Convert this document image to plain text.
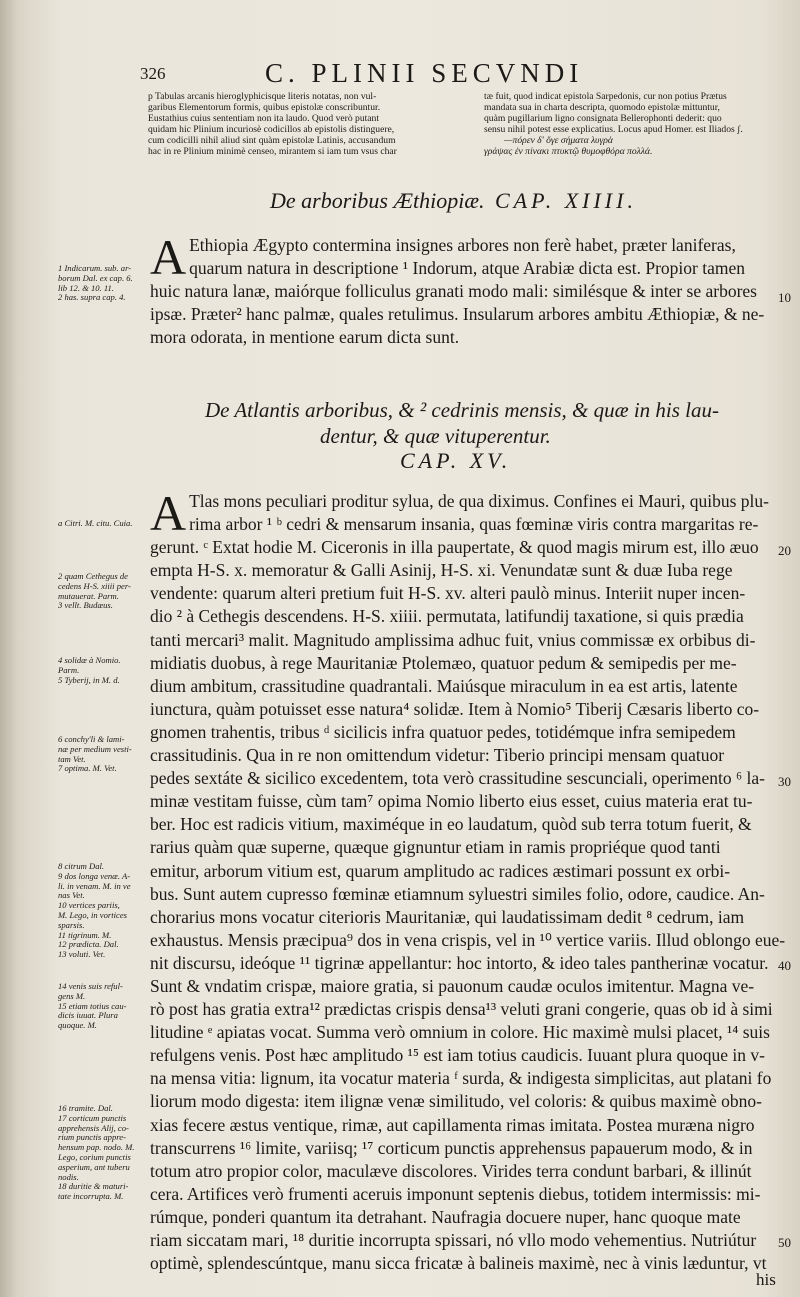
326	C. PLINII SECVNDI
p Tabulas arcanis hieroglyphicisque literis notatas, non vul-
garibus Elementorum formis, quibus epistolæ conscribuntur.
Eustathius cuius sententiam non ita laudo. Quod verò putant
quidam hic Plinium incuriosè codicillos ab epistolis distinguere,
cum codicilli nihil aliud sint quàm epistolæ Latinis, accusandum
hac in re Plinium minimè censeo, mirantem si iam tum vsus char
tæ fuit, quod indicat epistola Sarpedonis, cur non potius Prætus
mandata sua in charta descripta, quomodo epistolæ mittuntur,
quàm pugillarium ligno consignata Bellerophonti dederit: quo
sensu nihil potest esse explicatius. Locus apud Homer. est Iliados ʃ.
—πόρεν δ' ὅγε σήματα λυγρὰ
γράψας ἐν πίνακι πτυκτῷ θυμοφθόρα πολλά.
De arboribus Æthiopiæ. CAP. XIIII.
A Ethiopia Ægypto contermina insignes arbores non ferè habet, præter laniferas,
quarum natura in descriptione ¹ Indorum, atque Arabiæ dicta est. Propior tamen
huic natura lanæ, maiórque folliculus granati modo mali: similésque & inter se arbores
ipsæ. Præter² hanc palmæ, quales retulimus. Insularum arbores ambitu Æthiopiæ, & ne-
mora odorata, in mentione earum dicta sunt.
De Atlantis arboribus, & ² cedrinis mensis, & quæ in his lau-
dentur, & quæ vituperentur.
CAP. XV.
A Tlas mons peculiari proditur sylua, de qua diximus. Confines ei Mauri, quibus plu-
rima arbor ¹ ᵇ cedri & mensarum insania, quas fœminæ viris contra margaritas re-
gerunt. ᶜ Extat hodie M. Ciceronis in illa paupertate, & quod magis mirum est, illo æuo
empta H-S. x. memoratur & Galli Asinij, H-S. xi. Venundatæ sunt & duæ Iuba rege
vendente: quarum alteri pretium fuit H-S. xv. alteri paulò minus. Interiit nuper incen-
dio ² à Cethegis descendens. H-S. xiiii. permutata, latifundij taxatione, si quis prædia
tanti mercari³ malit. Magnitudo amplissima adhuc fuit, vnius commissæ ex orbibus di-
midiatis duobus, à rege Mauritaniæ Ptolemæo, quatuor pedum & semipedis per me-
dium ambitum, crassitudine quadrantali. Maiúsque miraculum in ea est artis, latente
iunctura, quàm potuisset esse natura⁴ solidæ. Item à Nomio⁵ Tiberij Cæsaris liberto co-
gnomen trahentis, tribus ᵈ sicilicis infra quatuor pedes, totidémque infra semipedem
crassitudinis. Qua in re non omittendum videtur: Tiberio principi mensam quatuor
pedes sextáte & sicilico excedentem, tota verò crassitudine sescunciali, operimento ⁶ la-
minæ vestitam fuisse, cùm tam⁷ opima Nomio liberto eius esset, cuius materia erat tu-
ber. Hoc est radicis vitium, maximéque in eo laudatum, quòd sub terra totum fuerit, &
rarius quàm quæ superne, quæque gignuntur etiam in ramis propriéque quod tanti
emitur, arborum vitium est, quarum amplitudo ac radices æstimari possunt ex orbi-
bus. Sunt autem cupresso fœminæ etiamnum syluestri similes folio, odore, caudice. An-
chorarius mons vocatur citerioris Mauritaniæ, qui laudatissimam dedit ⁸ cedrum, iam
exhaustus. Mensis præcipua⁹ dos in vena crispis, vel in ¹⁰ vertice variis. Illud oblongo eue-
nit discursu, ideóque ¹¹ tigrinæ appellantur: hoc intorto, & ideo tales pantherinæ vocatur.
Sunt & vndatim crispæ, maiore gratia, si pauonum caudæ oculos imitentur. Magna ve-
rò post has gratia extra¹² prædictas crispis densa¹³ veluti grani congerie, quas ob id à simi
litudine ᵉ apiatas vocat. Summa verò omnium in colore. Hic maximè mulsi placet, ¹⁴ suis
refulgens venis. Post hæc amplitudo ¹⁵ est iam totius caudicis. Iuuant plura quoque in v-
na mensa vitia: lignum, ita vocatur materia ᶠ surda, & indigesta simplicitas, aut platani fo
liorum modo digesta: item ilignæ venæ similitudo, vel coloris: & quibus maximè obno-
xias fecere æstus ventique, rimæ, aut capillamenta rimas imitata. Postea muræna nigro
transcurrens ¹⁶ limite, variisq; ¹⁷ corticum punctis apprehensus papauerum modo, & in
totum atro propior color, maculæve discolores. Virides terra condunt barbari, & illinút
cera. Artifices verò frumenti aceruis imponunt septenis diebus, totidem intermissis: mi-
rúmque, ponderi quantum ita detrahant. Naufragia docuere nuper, hanc quoque mate
riam siccatam mari, ¹⁸ duritie incorrupta spissari, nó vllo modo vehementius. Nutriútur
optimè, splendescúntque, manu sicca fricatæ à balineis maximè, nec à vinis læduntur, vt
his
1 Indicarum. sub. ar-
borum Dal. ex cap. 6.
lib 12. & 10. 11.
2 has. supra cap. 4.
a Citri. M. citu. Cuia.
2 quam Cethegus de
cedens H-S. xiiii per-
mutauerat. Parm.
3 vellt. Budæus.
4 solidæ à Nomio.
Parm.
5 Tyberij, in M. d.
6 conchy'li & lami-
næ per medium vesti-
tam Vet.
7 optima. M. Vet.
8 citrum Dal.
9 dos longa venæ. A-
li. in venam. M. in ve
nas Vet.
10 vertices pariis,
M. Lego, in vortices
sparsis.
11 tigrinum. M.
12 prædicta. Dal.
13 voluti. Vet.
14 venis suis reful-
gens M.
15 etiam totius cau-
dicis iuuat. Plura
quoque. M.
16 tramite. Dal.
17 corticum punctis
apprehensis Alij, co-
rium punctis appre-
hensum pap. nodo. M.
Lego, corium punctis
asperium, ant tuberu
nodis.
18 duritie & maturi-
tate incorrupta. M.
10
20
30
40
50
